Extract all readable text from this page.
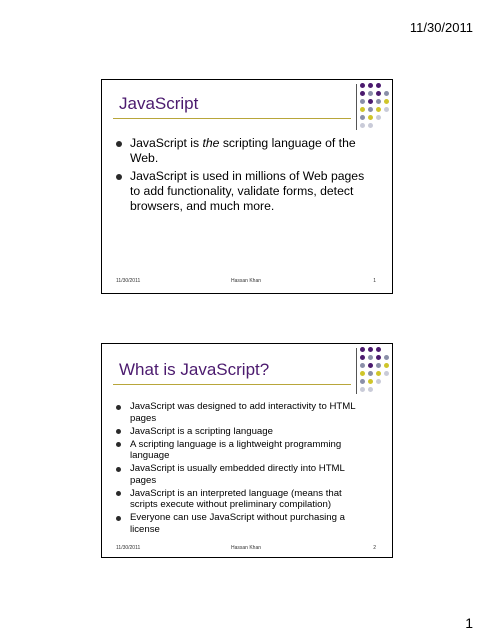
11/30/2011
JavaScript
JavaScript is the scripting language of the Web.
JavaScript is used in millions of Web pages to add functionality, validate forms, detect browsers, and much more.
11/30/2011	Hassan Khan	1
What is JavaScript?
JavaScript was designed to add interactivity to HTML pages
JavaScript is a scripting language
A scripting language is a lightweight programming language
JavaScript is usually embedded directly into HTML pages
JavaScript is an interpreted language (means that scripts execute without preliminary compilation)
Everyone can use JavaScript without purchasing a license
11/30/2011	Hassan Khan	2
1
